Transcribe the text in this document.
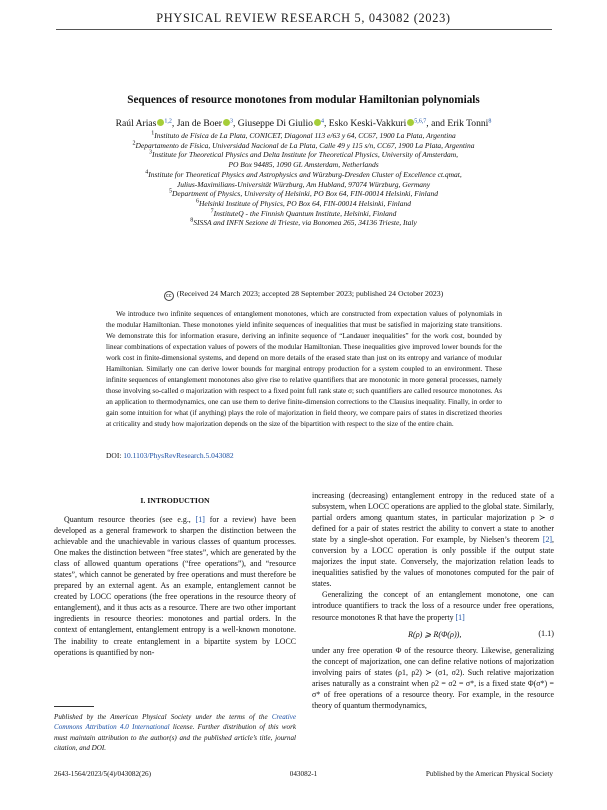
PHYSICAL REVIEW RESEARCH 5, 043082 (2023)
Sequences of resource monotones from modular Hamiltonian polynomials
Raúl Arias $^{1,2}$, Jan de Boer $^3$, Giuseppe Di Giulio $^4$, Esko Keski-Vakkuri $^{5,6,7}$, and Erik Tonni$^8$
$^1$Instituto de Física de La Plata, CONICET, Diagonal 113 e/63 y 64, CC67, 1900 La Plata, Argentina
$^2$Departamento de Física, Universidad Nacional de La Plata, Calle 49 y 115 s/n, CC67, 1900 La Plata, Argentina
$^3$Institute for Theoretical Physics and Delta Institute for Theoretical Physics, University of Amsterdam,
PO Box 94485, 1090 GL Amsterdam, Netherlands
$^4$Institute for Theoretical Physics and Astrophysics and Würzburg-Dresden Cluster of Excellence ct.qmat,
Julius-Maximilians-Universität Würzburg, Am Hubland, 97074 Würzburg, Germany
$^5$Department of Physics, University of Helsinki, PO Box 64, FIN-00014 Helsinki, Finland
$^6$Helsinki Institute of Physics, PO Box 64, FIN-00014 Helsinki, Finland
$^7$InstituteQ - the Finnish Quantum Institute, Helsinki, Finland
$^8$SISSA and INFN Sezione di Trieste, via Bonomea 265, 34136 Trieste, Italy
cc (Received 24 March 2023; accepted 28 September 2023; published 24 October 2023)
We introduce two infinite sequences of entanglement monotones, which are constructed from expectation values of polynomials in the modular Hamiltonian. These monotones yield infinite sequences of inequalities that must be satisfied in majorizing state transitions. We demonstrate this for information erasure, deriving an infinite sequence of “Landauer inequalities” for the work cost, bounded by linear combinations of expectation values of powers of the modular Hamiltonian. These inequalities give improved lower bounds for the work cost in finite-dimensional systems, and depend on more details of the erased state than just on its entropy and variance of modular Hamiltonian. Similarly one can derive lower bounds for marginal entropy production for a system coupled to an environment. These infinite sequences of entanglement monotones also give rise to relative quantifiers that are monotonic in more general processes, namely those involving so-called σ majorization with respect to a fixed point full rank state σ; such quantifiers are called resource monotones. As an application to thermodynamics, one can use them to derive finite-dimension corrections to the Clausius inequality. Finally, in order to gain some intuition for what (if anything) plays the role of majorization in field theory, we compare pairs of states in discretized theories at criticality and study how majorization depends on the size of the bipartition with respect to the size of the entire chain.
DOI: 10.1103/PhysRevResearch.5.043082
I. INTRODUCTION

Quantum resource theories (see e.g., [1] for a review) have been developed as a general framework to sharpen the distinction between the achievable and the unachievable in various classes of quantum processes. One makes the distinction between “free states”, which are generated by the class of allowed quantum operations (“free operations”), and “resource states”, which cannot be generated by free operations and must therefore be prepared by an external agent. As an example, entanglement cannot be created by LOCC operations (the free operations in the resource theory of entanglement), and it thus acts as a resource. There are two other important ingredients in resource theories: monotones and partial orders. In the context of entanglement, entanglement entropy is a well-known monotone. The inability to create entanglement in a bipartite system by LOCC operations is quantified by non-

increasing (decreasing) entanglement entropy in the reduced state of a subsystem, when LOCC operations are applied to the global state. Similarly, partial orders among quantum states, in particular majorization ρ ≻ σ defined for a pair of states restrict the ability to convert a state to another state by a single-shot operation. For example, by Nielsen’s theorem [2], conversion by a LOCC operation is only possible if the output state majorizes the input state. Conversely, the majorization relation leads to inequalities satisfied by the values of monotones computed for the pair of states.

Generalizing the concept of an entanglement monotone, one can introduce quantifiers to track the loss of a resource under free operations, resource monotones R that have the property [1]

R(ρ) ⩾ R(Φ(ρ)),	(1.1)

under any free operation Φ of the resource theory. Likewise, generalizing the concept of majorization, one can define relative notions of majorization involving pairs of states (ρ1, ρ2) ≻ (σ1, σ2). Such relative majorization arises naturally as a constraint when ρ2 = σ2 = σ*, is a fixed state Φ(σ*) = σ* of free operations of a resource theory. For example, in the resource theory of quantum thermodynamics,

Published by the American Physical Society under the terms of the Creative Commons Attribution 4.0 International license. Further distribution of this work must maintain attribution to the author(s) and the published article’s title, journal citation, and DOI.
2643-1564/2023/5(4)/043082(26)	043082-1	Published by the American Physical Society
